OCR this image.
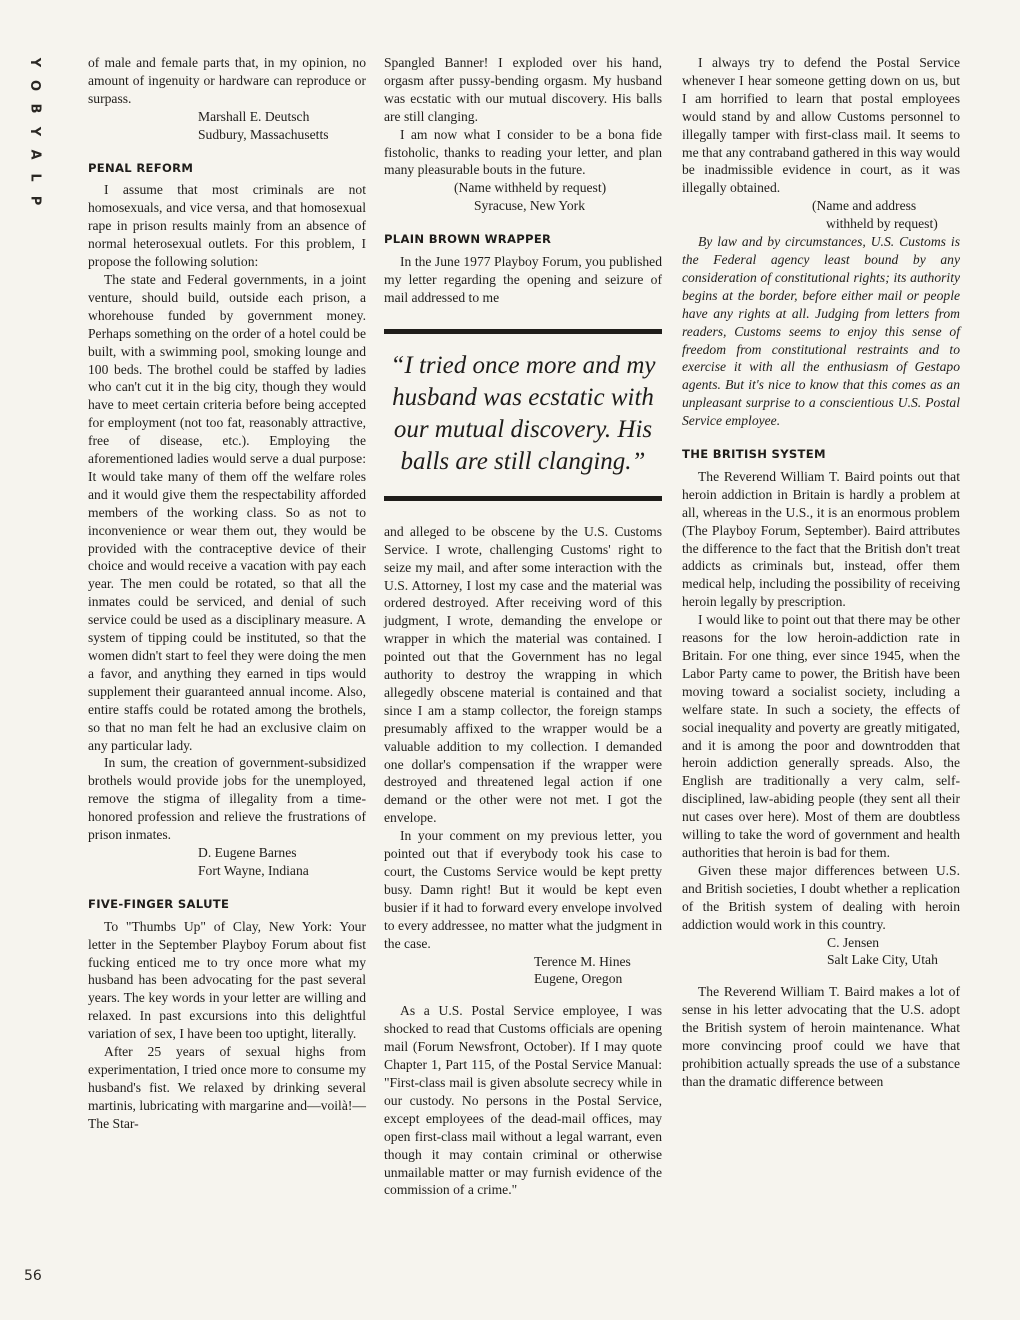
Y
O
B
Y
A
L
P
56

of male and female parts that, in my opinion, no amount of ingenuity or hardware can reproduce or surpass.

Marshall E. Deutsch
Sudbury, Massachusetts
PENAL REFORM

I assume that most criminals are not homosexuals, and vice versa, and that homosexual rape in prison results mainly from an absence of normal heterosexual outlets. For this problem, I propose the following solution:

The state and Federal governments, in a joint venture, should build, outside each prison, a whorehouse funded by government money. Perhaps something on the order of a hotel could be built, with a swimming pool, smoking lounge and 100 beds. The brothel could be staffed by ladies who can't cut it in the big city, though they would have to meet certain criteria before being accepted for employment (not too fat, reasonably attractive, free of disease, etc.). Employing the aforementioned ladies would serve a dual purpose: It would take many of them off the welfare roles and it would give them the respectability afforded members of the working class. So as not to inconvenience or wear them out, they would be provided with the contraceptive device of their choice and would receive a vacation with pay each year. The men could be rotated, so that all the inmates could be serviced, and denial of such service could be used as a disciplinary measure. A system of tipping could be instituted, so that the women didn't start to feel they were doing the men a favor, and anything they earned in tips would supplement their guaranteed annual income. Also, entire staffs could be rotated among the brothels, so that no man felt he had an exclusive claim on any particular lady.

In sum, the creation of government-subsidized brothels would provide jobs for the unemployed, remove the stigma of illegality from a time-honored profession and relieve the frustrations of prison inmates.

D. Eugene Barnes
Fort Wayne, Indiana
FIVE-FINGER SALUTE

To "Thumbs Up" of Clay, New York: Your letter in the September Playboy Forum about fist fucking enticed me to try once more what my husband has been advocating for the past several years. The key words in your letter are willing and relaxed. In past excursions into this delightful variation of sex, I have been too uptight, literally.

After 25 years of sexual highs from experimentation, I tried once more to consume my husband's fist. We relaxed by drinking several martinis, lubricating with margarine and—voilà!—The Star-

Spangled Banner! I exploded over his hand, orgasm after pussy-bending orgasm. My husband was ecstatic with our mutual discovery. His balls are still clanging.

I am now what I consider to be a bona fide fistoholic, thanks to reading your letter, and plan many pleasurable bouts in the future.

(Name withheld by request)
Syracuse, New York
PLAIN BROWN WRAPPER

In the June 1977 Playboy Forum, you published my letter regarding the opening and seizure of mail addressed to me

“I tried once more and my husband was ecstatic with our mutual discovery. His balls are still clanging.”

and alleged to be obscene by the U.S. Customs Service. I wrote, challenging Customs' right to seize my mail, and after some interaction with the U.S. Attorney, I lost my case and the material was ordered destroyed. After receiving word of this judgment, I wrote, demanding the envelope or wrapper in which the material was contained. I pointed out that the Government has no legal authority to destroy the wrapping in which allegedly obscene material is contained and that since I am a stamp collector, the foreign stamps presumably affixed to the wrapper would be a valuable addition to my collection. I demanded one dollar's compensation if the wrapper were destroyed and threatened legal action if one demand or the other were not met. I got the envelope.

In your comment on my previous letter, you pointed out that if everybody took his case to court, the Customs Service would be kept pretty busy. Damn right! But it would be kept even busier if it had to forward every envelope involved to every addressee, no matter what the judgment in the case.

Terence M. Hines
Eugene, Oregon

As a U.S. Postal Service employee, I was shocked to read that Customs officials are opening mail (Forum Newsfront, October). If I may quote Chapter 1, Part 115, of the Postal Service Manual: "First-class mail is given absolute secrecy while in our custody. No persons in the Postal Service, except employees of the dead-mail offices, may open first-class mail without a legal warrant, even though it may contain criminal or otherwise unmailable matter or may furnish evidence of the commission of a crime."

I always try to defend the Postal Service whenever I hear someone getting down on us, but I am horrified to learn that postal employees would stand by and allow Customs personnel to illegally tamper with first-class mail. It seems to me that any contraband gathered in this way would be inadmissible evidence in court, as it was illegally obtained.

(Name and address
withheld by request)

By law and by circumstances, U.S. Customs is the Federal agency least bound by any consideration of constitutional rights; its authority begins at the border, before either mail or people have any rights at all. Judging from letters from readers, Customs seems to enjoy this sense of freedom from constitutional restraints and to exercise it with all the enthusiasm of Gestapo agents. But it's nice to know that this comes as an unpleasant surprise to a conscientious U.S. Postal Service employee.

THE BRITISH SYSTEM

The Reverend William T. Baird points out that heroin addiction in Britain is hardly a problem at all, whereas in the U.S., it is an enormous problem (The Playboy Forum, September). Baird attributes the difference to the fact that the British don't treat addicts as criminals but, instead, offer them medical help, including the possibility of receiving heroin legally by prescription.

I would like to point out that there may be other reasons for the low heroin-addiction rate in Britain. For one thing, ever since 1945, when the Labor Party came to power, the British have been moving toward a socialist society, including a welfare state. In such a society, the effects of social inequality and poverty are greatly mitigated, and it is among the poor and downtrodden that heroin addiction generally spreads. Also, the English are traditionally a very calm, self-disciplined, law-abiding people (they sent all their nut cases over here). Most of them are doubtless willing to take the word of government and health authorities that heroin is bad for them.

Given these major differences between U.S. and British societies, I doubt whether a replication of the British system of dealing with heroin addiction would work in this country.

C. Jensen
Salt Lake City, Utah

The Reverend William T. Baird makes a lot of sense in his letter advocating that the U.S. adopt the British system of heroin maintenance. What more convincing proof could we have that prohibition actually spreads the use of a substance than the dramatic difference between
